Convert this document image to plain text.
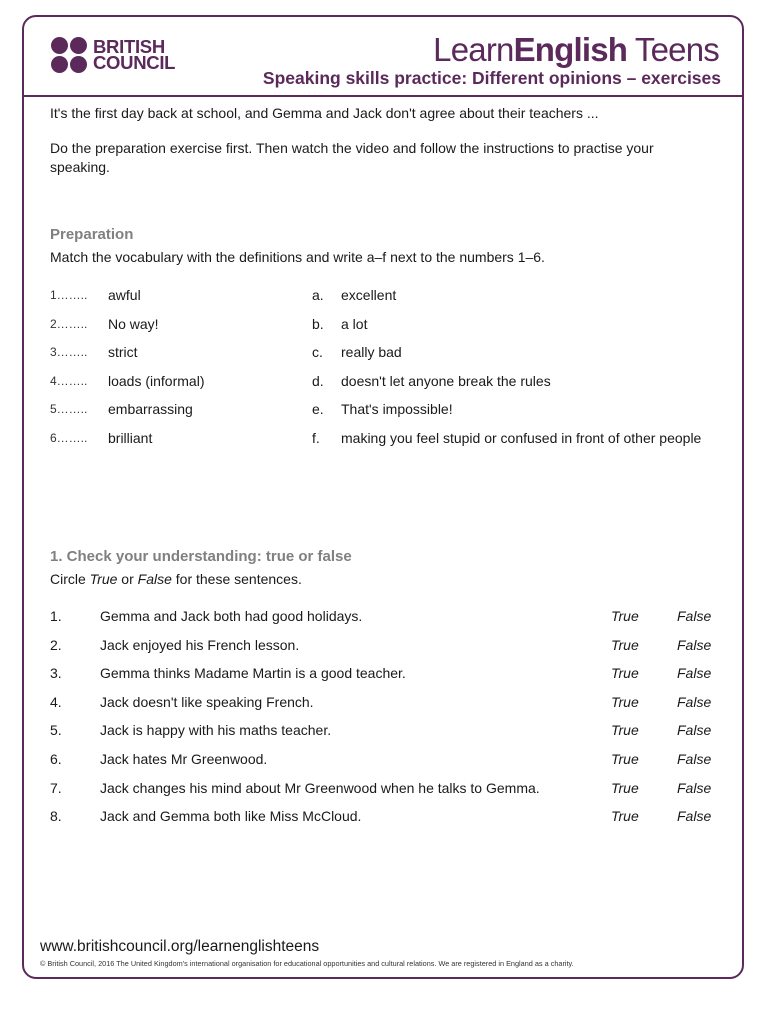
BRITISH
COUNCIL	LearnEnglish Teens
Speaking skills practice: Different opinions – exercises
It's the first day back at school, and Gemma and Jack don't agree about their teachers ...
Do the preparation exercise first. Then watch the video and follow the instructions to practise your speaking.
Preparation
Match the vocabulary with the definitions and write a–f next to the numbers 1–6.
1…….. awful	a. excellent
2…….. No way!	b. a lot
3…….. strict	c. really bad
4…….. loads (informal)	d. doesn't let anyone break the rules
5…….. embarrassing	e. That's impossible!
6…….. brilliant	f. making you feel stupid or confused in front of other people
1. Check your understanding: true or false
Circle True or False for these sentences.
1.	Gemma and Jack both had good holidays.	True	False
2.	Jack enjoyed his French lesson.	True	False
3.	Gemma thinks Madame Martin is a good teacher.	True	False
4.	Jack doesn't like speaking French.	True	False
5.	Jack is happy with his maths teacher.	True	False
6.	Jack hates Mr Greenwood.	True	False
7.	Jack changes his mind about Mr Greenwood when he talks to Gemma.	True	False
8.	Jack and Gemma both like Miss McCloud.	True	False
www.britishcouncil.org/learnenglishteens
© British Council, 2016 The United Kingdom's international organisation for educational opportunities and cultural relations. We are registered in England as a charity.
